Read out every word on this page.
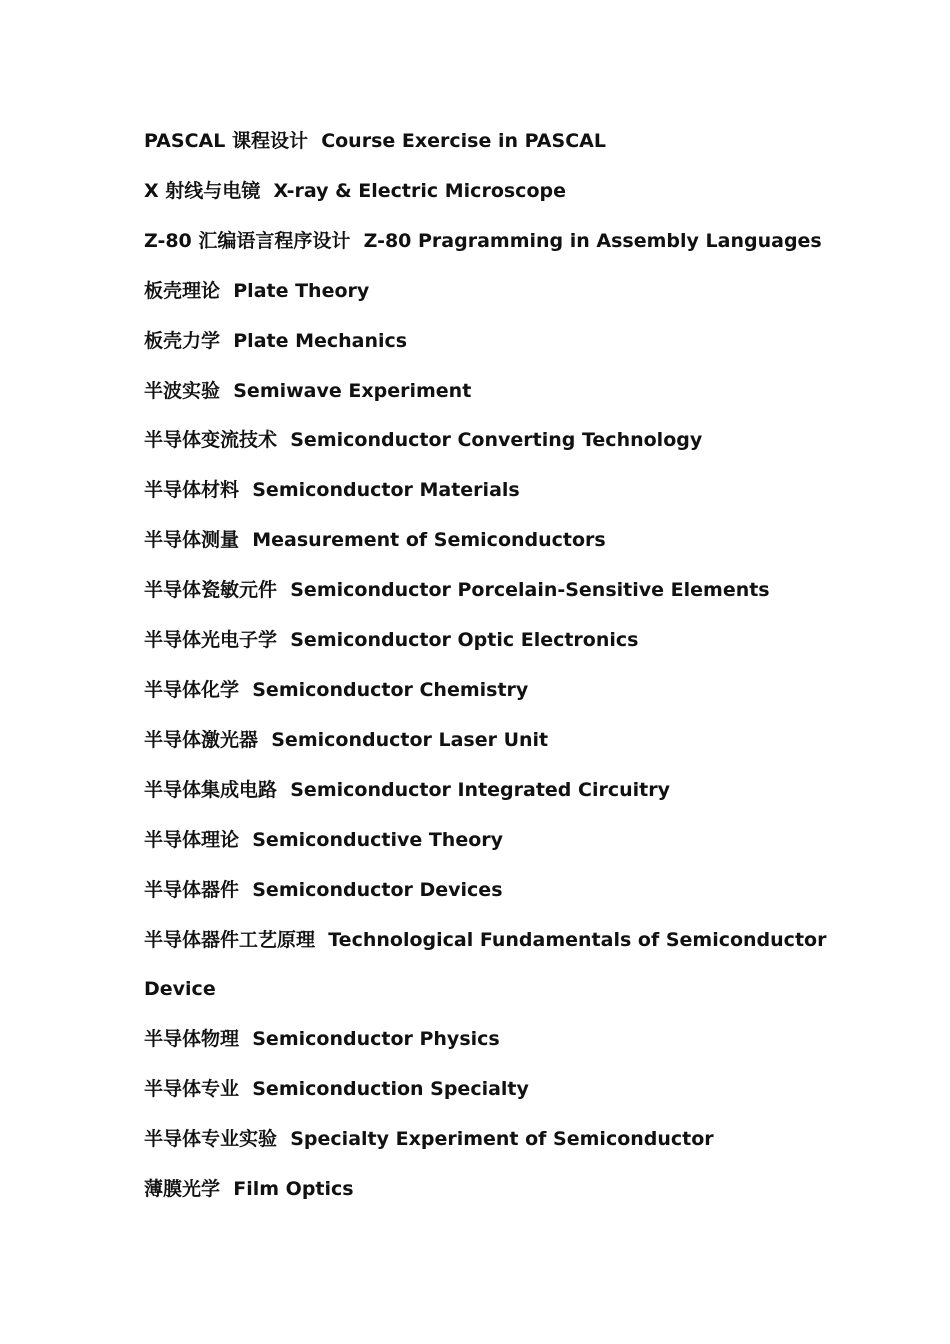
PASCAL 课程设计 Course Exercise in PASCAL
X 射线与电镜 X-ray & Electric Microscope
Z-80 汇编语言程序设计 Z-80 Pragramming in Assembly Languages
板壳理论 Plate Theory
板壳力学 Plate Mechanics
半波实验 Semiwave Experiment
半导体变流技术 Semiconductor Converting Technology
半导体材料 Semiconductor Materials
半导体测量 Measurement of Semiconductors
半导体瓷敏元件 Semiconductor Porcelain-Sensitive Elements
半导体光电子学 Semiconductor Optic Electronics
半导体化学 Semiconductor Chemistry
半导体激光器 Semiconductor Laser Unit
半导体集成电路 Semiconductor Integrated Circuitry
半导体理论 Semiconductive Theory
半导体器件 Semiconductor Devices
半导体器件工艺原理 Technological Fundamentals of Semiconductor Device
半导体物理 Semiconductor Physics
半导体专业 Semiconduction Specialty
半导体专业实验 Specialty Experiment of Semiconductor
薄膜光学 Film Optics
